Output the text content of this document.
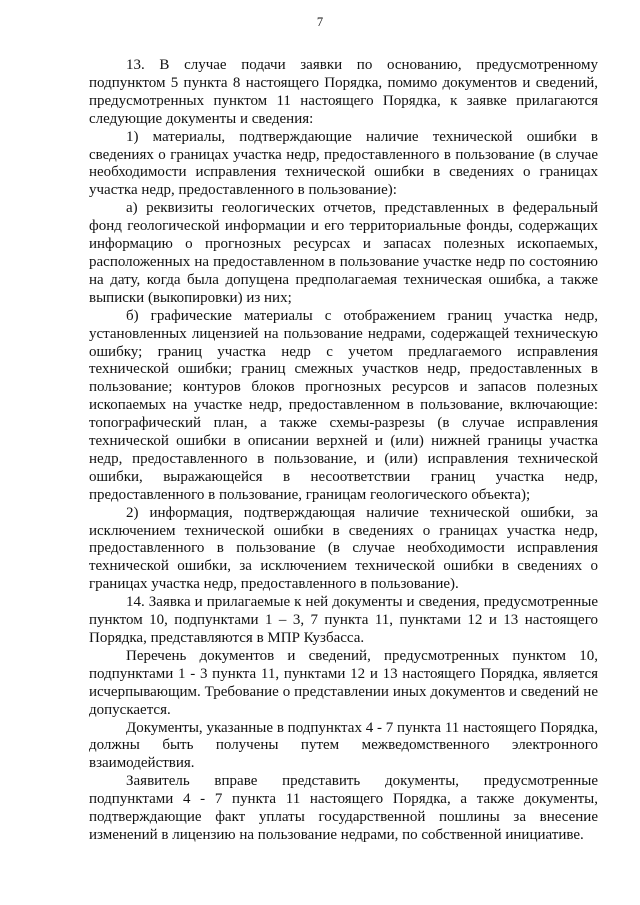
7

13. В случае подачи заявки по основанию, предусмотренному подпунктом 5 пункта 8 настоящего Порядка, помимо документов и сведений, предусмотренных пунктом 11 настоящего Порядка, к заявке прилагаются следующие документы и сведения:

1) материалы, подтверждающие наличие технической ошибки в сведениях о границах участка недр, предоставленного в пользование (в случае необходимости исправления технической ошибки в сведениях о границах участка недр, предоставленного в пользование):

а) реквизиты геологических отчетов, представленных в федеральный фонд геологической информации и его территориальные фонды, содержащих информацию о прогнозных ресурсах и запасах полезных ископаемых, расположенных на предоставленном в пользование участке недр по состоянию на дату, когда была допущена предполагаемая техническая ошибка, а также выписки (выкопировки) из них;

б) графические материалы с отображением границ участка недр, установленных лицензией на пользование недрами, содержащей техническую ошибку; границ участка недр с учетом предлагаемого исправления технической ошибки; границ смежных участков недр, предоставленных в пользование; контуров блоков прогнозных ресурсов и запасов полезных ископаемых на участке недр, предоставленном в пользование, включающие: топографический план, а также схемы-разрезы (в случае исправления технической ошибки в описании верхней и (или) нижней границы участка недр, предоставленного в пользование, и (или) исправления технической ошибки, выражающейся в несоответствии границ участка недр, предоставленного в пользование, границам геологического объекта);

2) информация, подтверждающая наличие технической ошибки, за исключением технической ошибки в сведениях о границах участка недр, предоставленного в пользование (в случае необходимости исправления технической ошибки, за исключением технической ошибки в сведениях о границах участка недр, предоставленного в пользование).

14. Заявка и прилагаемые к ней документы и сведения, предусмотренные пунктом 10, подпунктами 1 – 3, 7 пункта 11, пунктами 12 и 13 настоящего Порядка, представляются в МПР Кузбасса.

Перечень документов и сведений, предусмотренных пунктом 10, подпунктами 1 - 3 пункта 11, пунктами 12 и 13 настоящего Порядка, является исчерпывающим. Требование о представлении иных документов и сведений не допускается.

Документы, указанные в подпунктах 4 - 7 пункта 11 настоящего Порядка, должны быть получены путем межведомственного электронного взаимодействия.

Заявитель вправе представить документы, предусмотренные подпунктами 4 - 7 пункта 11 настоящего Порядка, а также документы, подтверждающие факт уплаты государственной пошлины за внесение изменений в лицензию на пользование недрами, по собственной инициативе.
